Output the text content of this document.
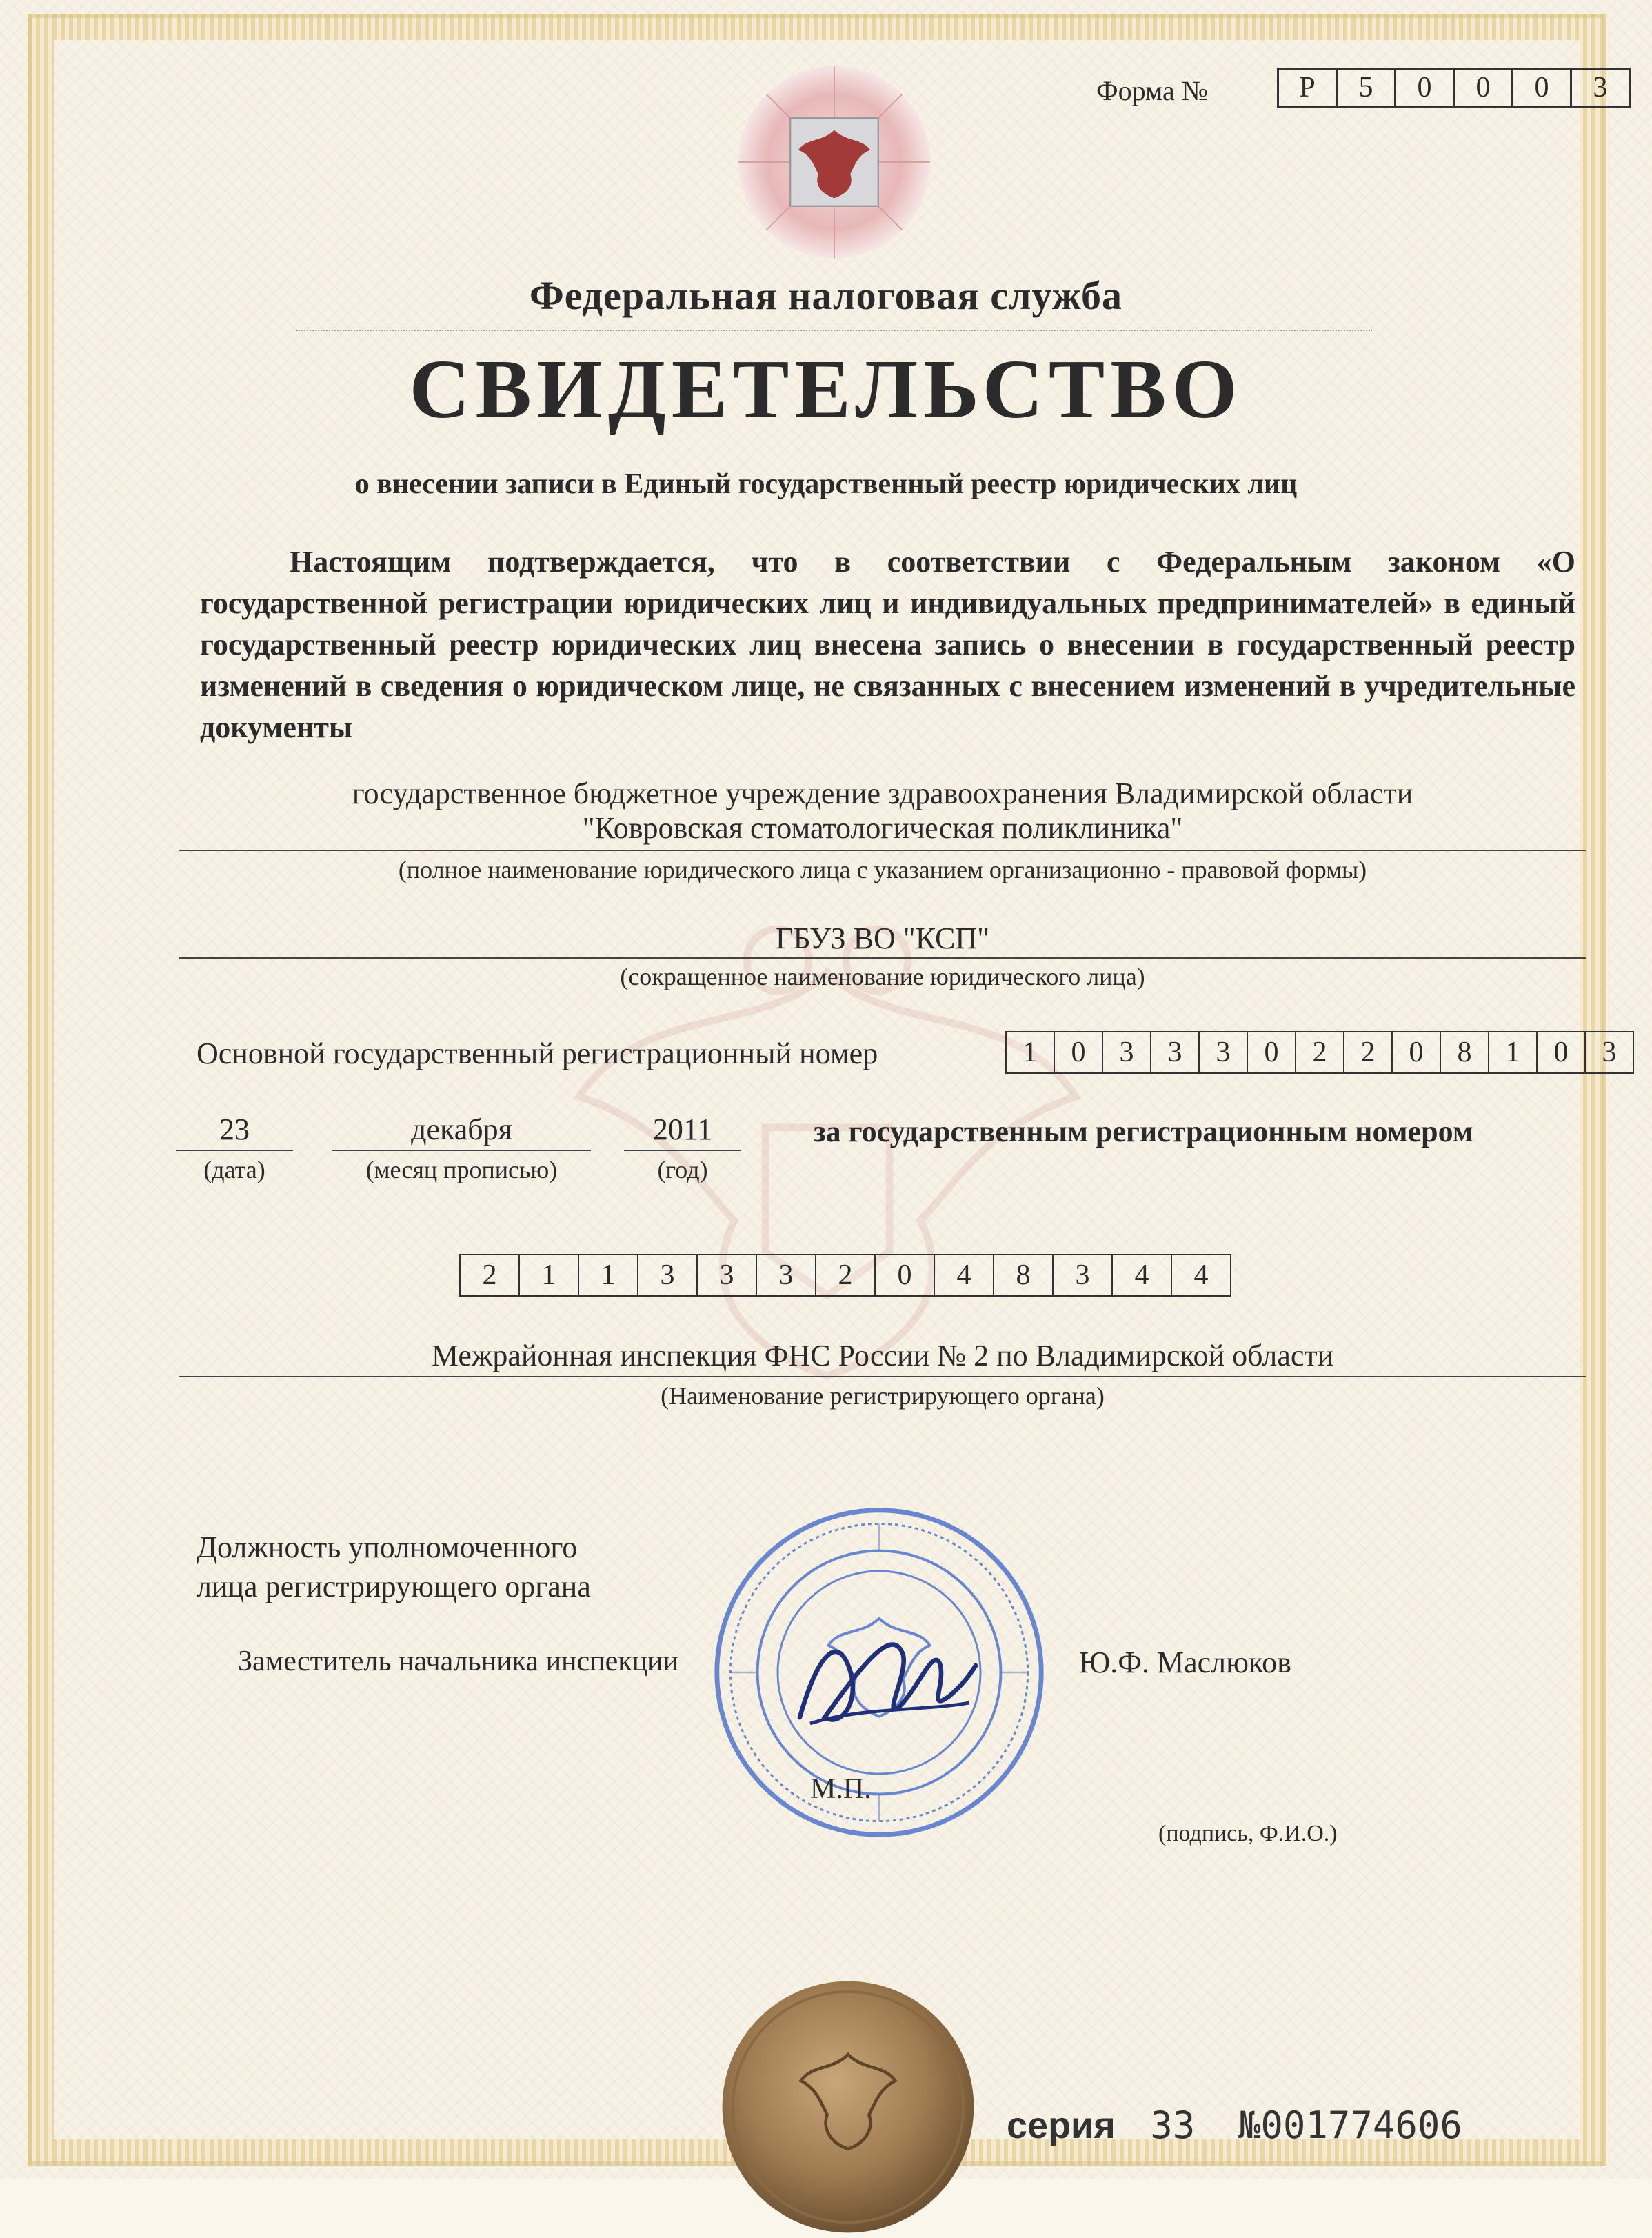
Форма №	Р	5	0	0	0	3
Федеральная налоговая служба
СВИДЕТЕЛЬСТВО
о внесении записи в Единый государственный реестр юридических лиц
Настоящим подтверждается, что в соответствии с Федеральным законом «О государственной регистрации юридических лиц и индивидуальных предпринимателей» в единый государственный реестр юридических лиц внесена запись о внесении в государственный реестр изменений в сведения о юридическом лице, не связанных с внесением изменений в учредительные документы
государственное бюджетное учреждение здравоохранения Владимирской области
"Ковровская стоматологическая поликлиника"
(полное наименование юридического лица с указанием организационно - правовой формы)
ГБУЗ ВО "КСП"
(сокращенное наименование юридического лица)
Основной государственный регистрационный номер	1	0	3	3	3	0	2	2	0	8	1	0	3
23	декабря	2011
(дата)	(месяц прописью)	(год)
за государственным регистрационным номером
2	1	1	3	3	3	2	0	4	8	3	4	4
Межрайонная инспекция ФНС России № 2 по Владимирской области
(Наименование регистрирующего органа)
Должность уполномоченного
лица регистрирующего органа
Заместитель начальника инспекции	Ю.Ф. Маслюков
М.П.
(подпись, Ф.И.О.)
серия 33 №001774606
